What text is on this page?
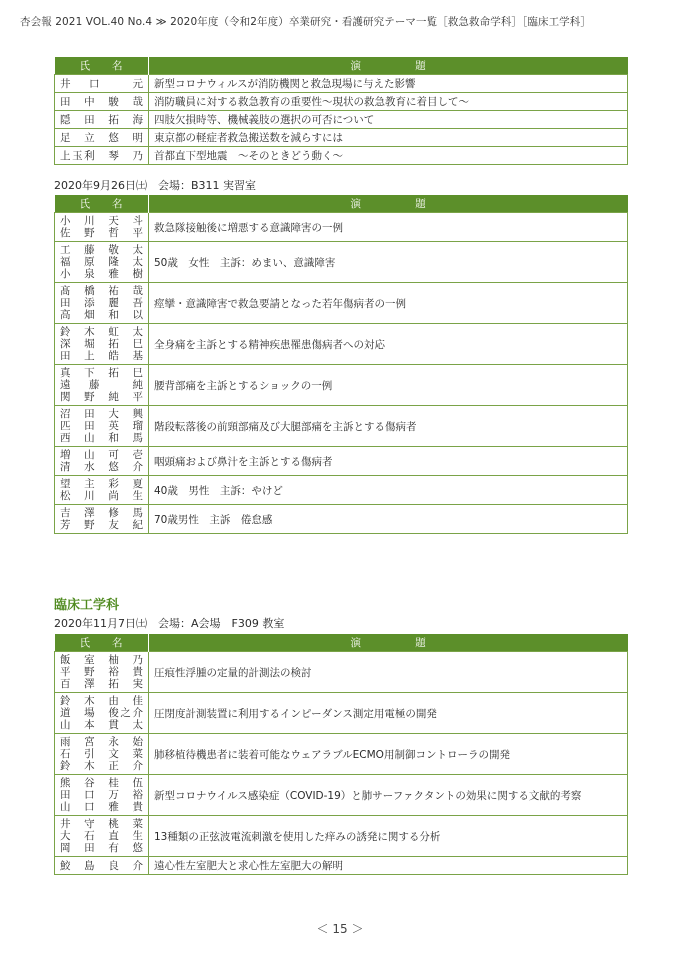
杏会報 2021 VOL.40 No.4 ≫ 2020年度（令和2年度）卒業研究・看護研究テーマ一覧［救急救命学科］［臨床工学科］
氏　　名	演　　　　　題

井　口　　元	新型コロナウィルスが消防機関と救急現場に与えた影響

田　中　駿　哉	消防職員に対する救急教育の重要性～現状の救急教育に着目して～

隠　田　拓　海	四肢欠損時等、機械義肢の選択の可否について

足　立　悠　明	東京都の軽症者救急搬送数を減らすには

上玉利　琴　乃	首都直下型地震　～そのときどう動く～
2020年9月26日㈯　会場：B311 実習室
氏　　名	演　　　　　題

小　川　天　斗
佐　野　哲　平	救急隊接触後に増悪する意識障害の一例

工　藤　敬　太
福　原　隆　太
小　泉　雅　樹	50歳　女性　主訴：めまい、意識障害

髙　橋　祐　哉
田　添　麗　吾
高　畑　和　以	痙攣・意識障害で救急要請となった若年傷病者の一例

鈴　木　虹　太
深　堀　拓　巳
田　上　皓　基	全身痛を主訴とする精神疾患罹患傷病者への対応

真　下　拓　巳
遠　藤　　純
関　野　純　平	腰背部痛を主訴とするショックの一例

沼　田　大　興
匹　田　英　瑠
西　山　和　馬	階段転落後の前頸部痛及び大腿部痛を主訴とする傷病者

増　山　可　壱
清　水　悠　介	咽頭痛および鼻汁を主訴とする傷病者

望　主　彩　夏
松　川　尚　生	40歳　男性　主訴：やけど

吉　澤　修　馬
芳　野　友　紀	70歳男性　主訴　倦怠感
臨床工学科
2020年11月7日㈯　会場：A会場　F309 教室
氏　　名	演　　　　　題

飯　室　柚　乃
平　野　裕　貴
百　澤　拓　実	圧痕性浮腫の定量的計測法の検討

鈴　木　由　佳
道　場　俊之介
山　本　貫　太	圧閉度計測装置に利用するインピーダンス測定用電極の開発

雨　宮　永　始
石　引　文　菜
鈴　木　正　介	肺移植待機患者に装着可能なウェアラブルECMO用制御コントローラの開発

熊　谷　桂　伍
田　口　万　裕
山　口　雅　貴	新型コロナウイルス感染症（COVID-19）と肺サーファクタントの効果に関する文献的考察

井　守　桃　菜
大　石　直　生
岡　田　有　悠	13種類の正弦波電流刺激を使用した痒みの誘発に関する分析

鮫　島　良　介	遠心性左室肥大と求心性左室肥大の解明
＜ 15 ＞
